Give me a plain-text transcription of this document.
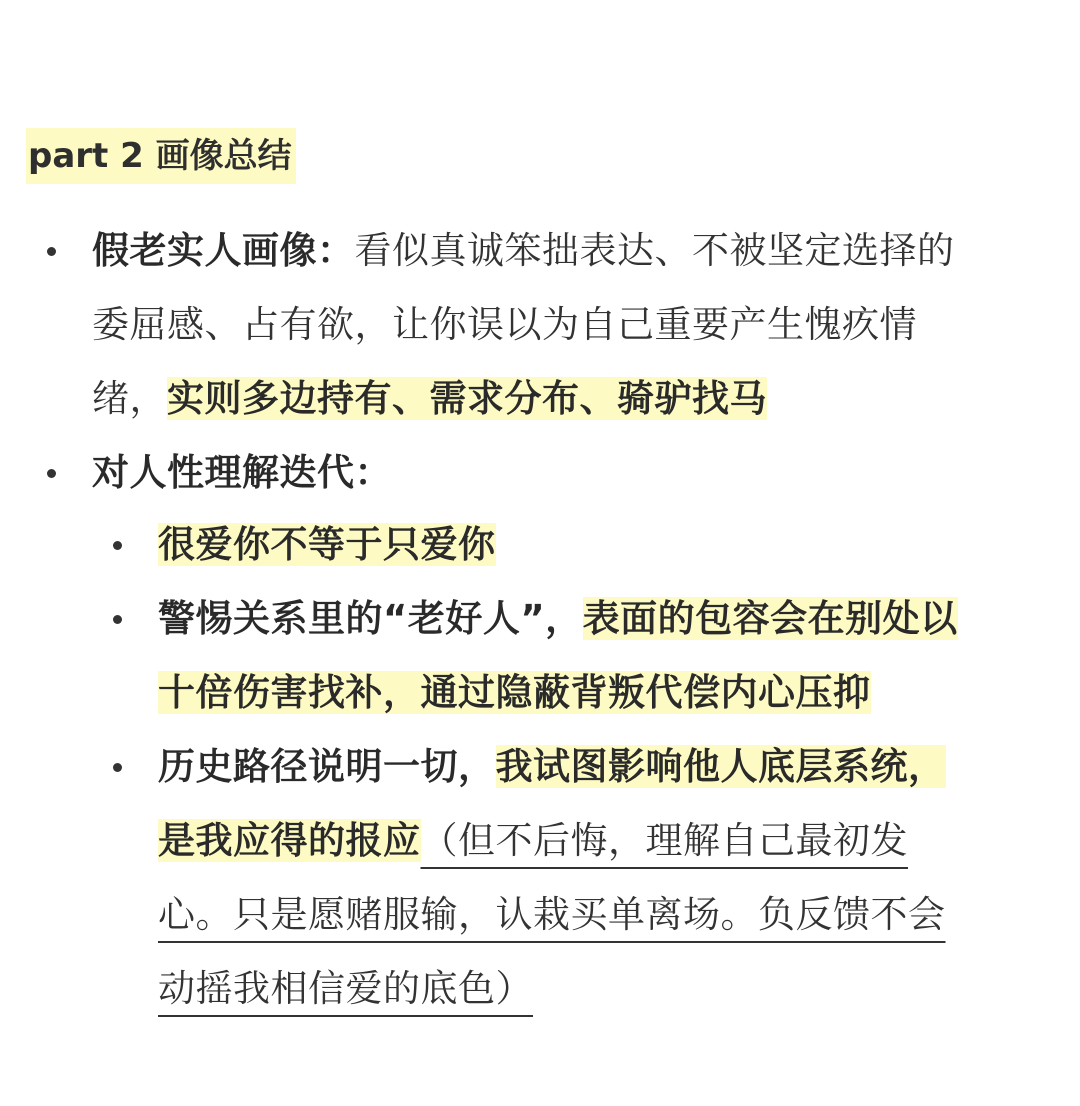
part 2 画像总结
假老实人画像：看似真诚笨拙表达、不被坚定选择的
委屈感、占有欲，让你误以为自己重要产生愧疚情
绪，实则多边持有、需求分布、骑驴找马
对人性理解迭代：
很爱你不等于只爱你
警惕关系里的“老好人”，表面的包容会在别处以
十倍伤害找补，通过隐蔽背叛代偿内心压抑
历史路径说明一切，我试图影响他人底层系统，
是我应得的报应（但不后悔，理解自己最初发
心。只是愿赌服输，认栽买单离场。负反馈不会
动摇我相信爱的底色）
